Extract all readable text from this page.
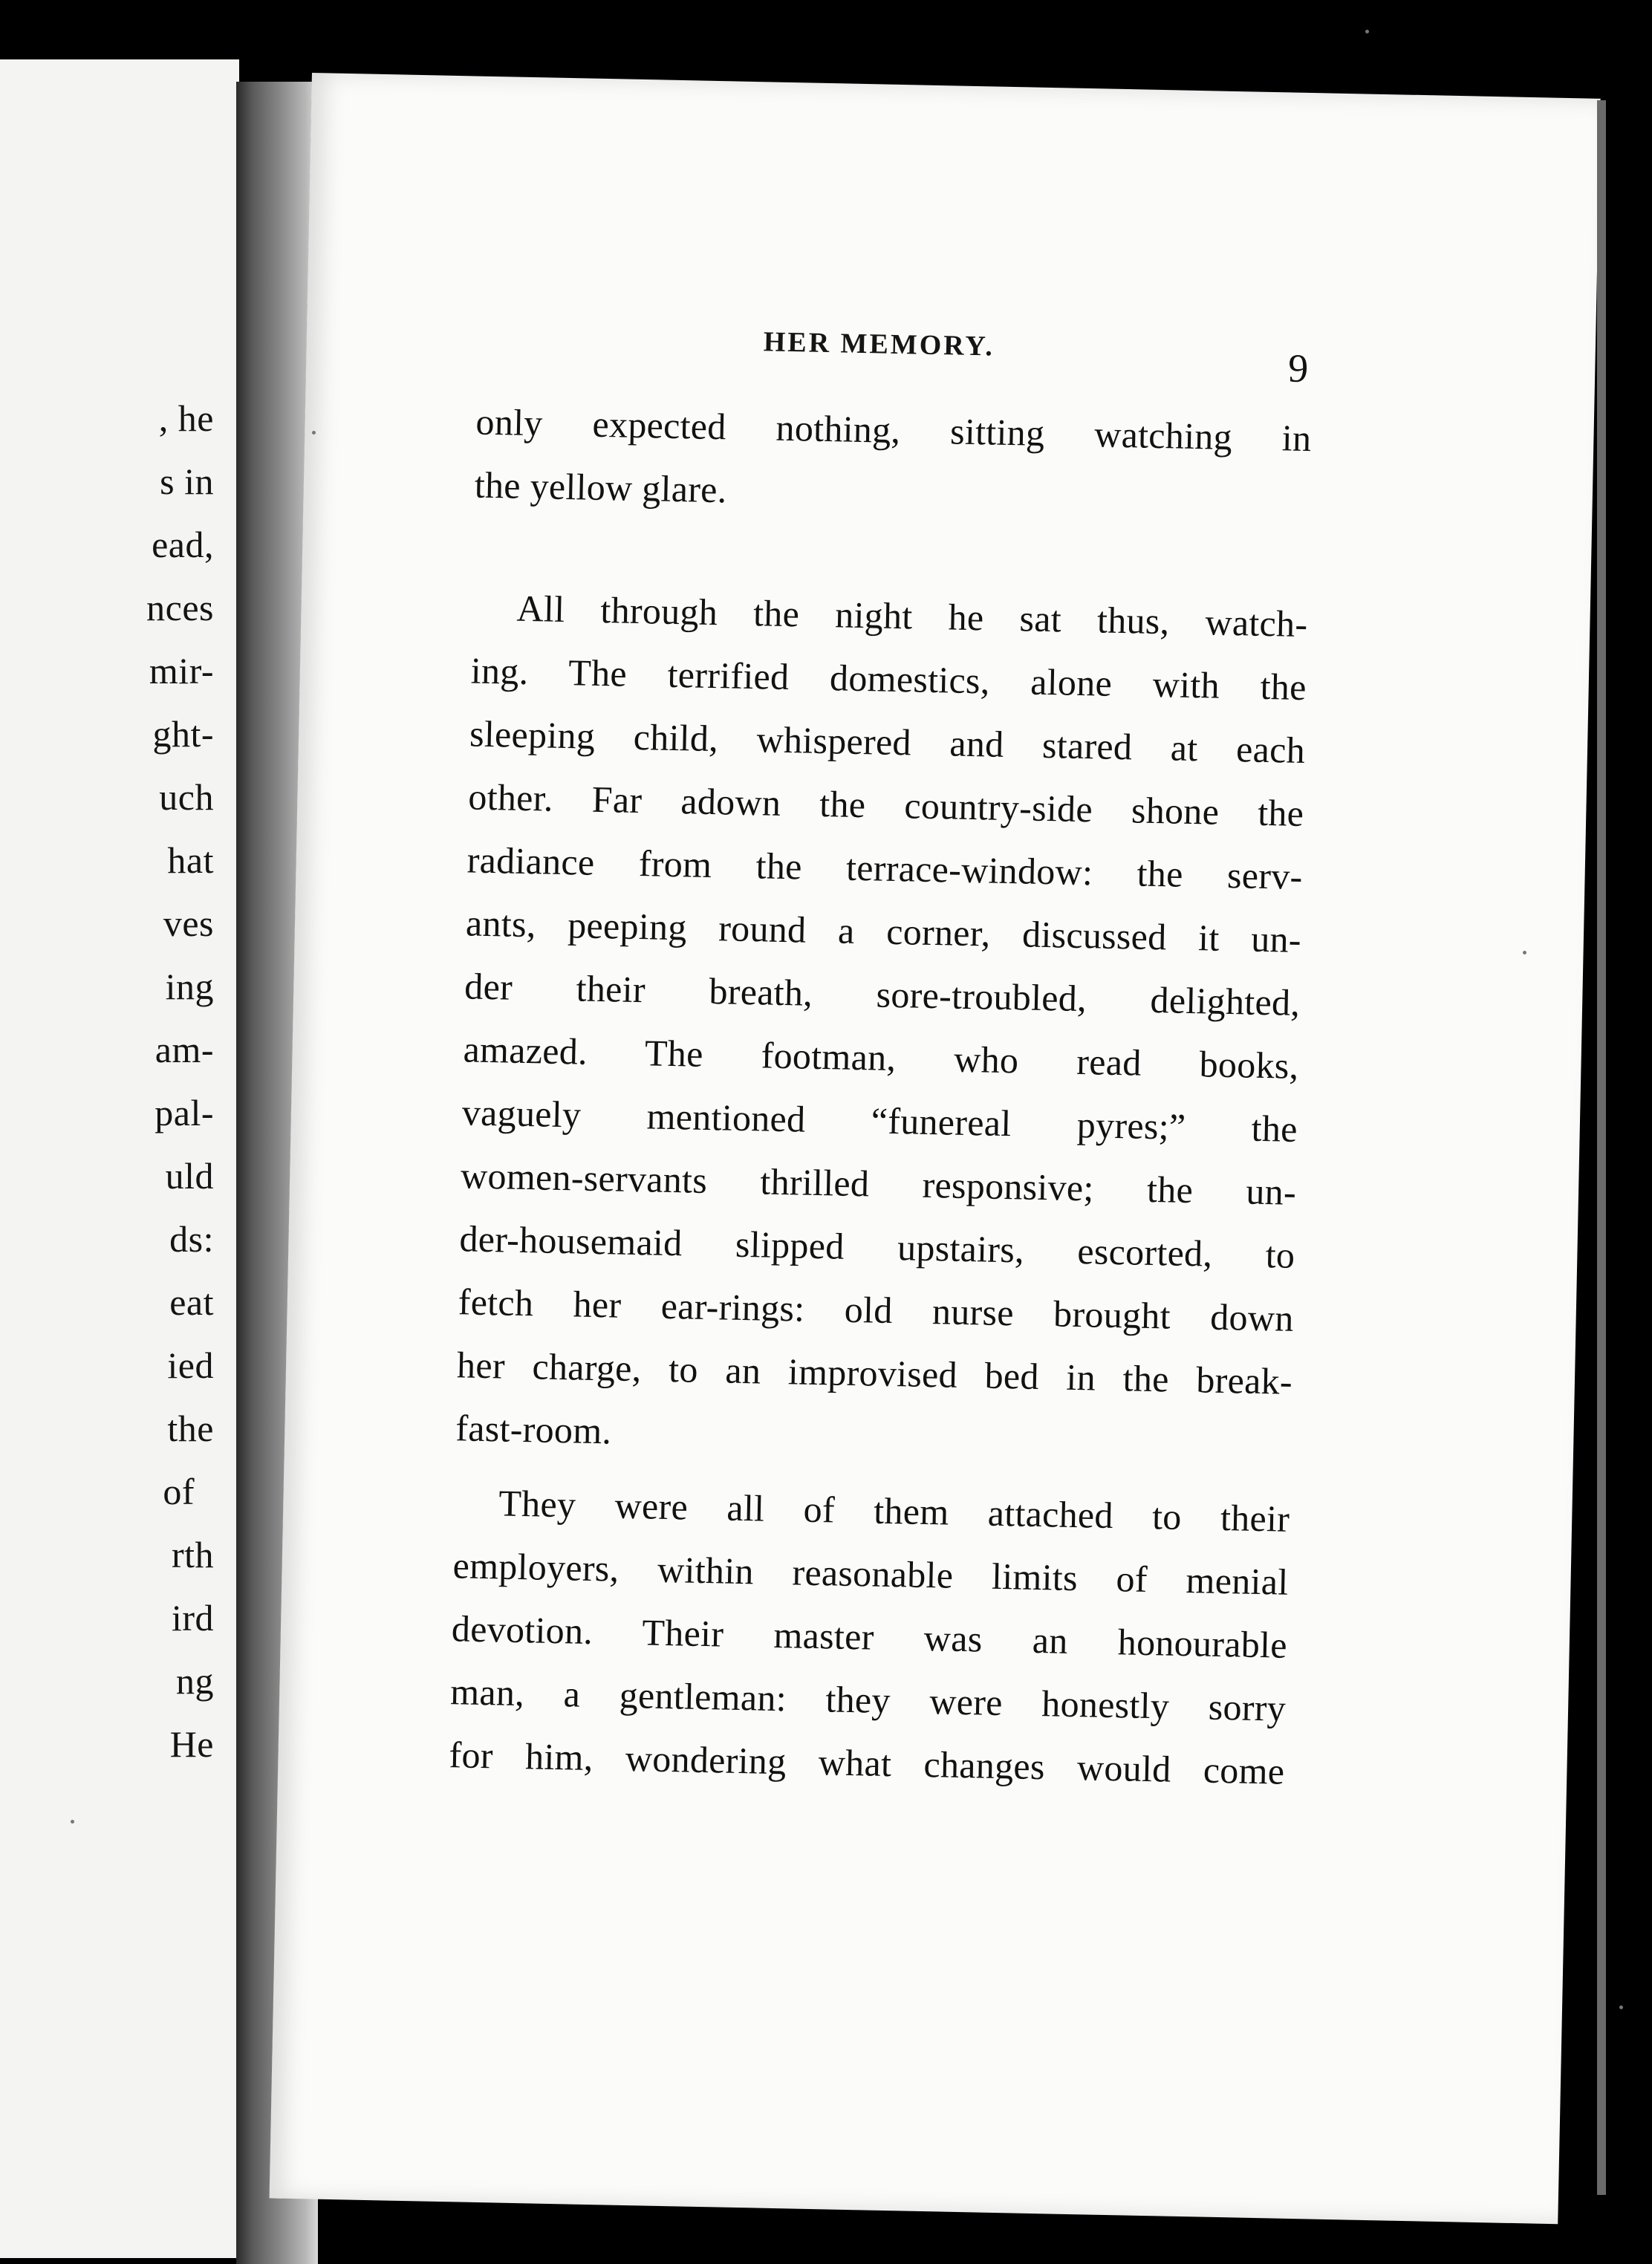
, he
s in
ead,
nces
mir-
ght-
uch
hat
ves
ing
am-
pal-
uld
ds:
eat
ied
the
of
rth
ird
ng
He
HER MEMORY.
9
only expected nothing, sitting watching in
the yellow glare.
All through the night he sat thus, watch-
ing. The terrified domestics, alone with the
sleeping child, whispered and stared at each
other. Far adown the country-side shone the
radiance from the terrace-window: the serv-
ants, peeping round a corner, discussed it un-
der their breath, sore-troubled, delighted,
amazed. The footman, who read books,
vaguely mentioned “funereal pyres;” the
women-servants thrilled responsive; the un-
der-housemaid slipped upstairs, escorted, to
fetch her ear-rings: old nurse brought down
her charge, to an improvised bed in the break-
fast-room.
They were all of them attached to their
employers, within reasonable limits of menial
devotion. Their master was an honourable
man, a gentleman: they were honestly sorry
for him, wondering what changes would come
